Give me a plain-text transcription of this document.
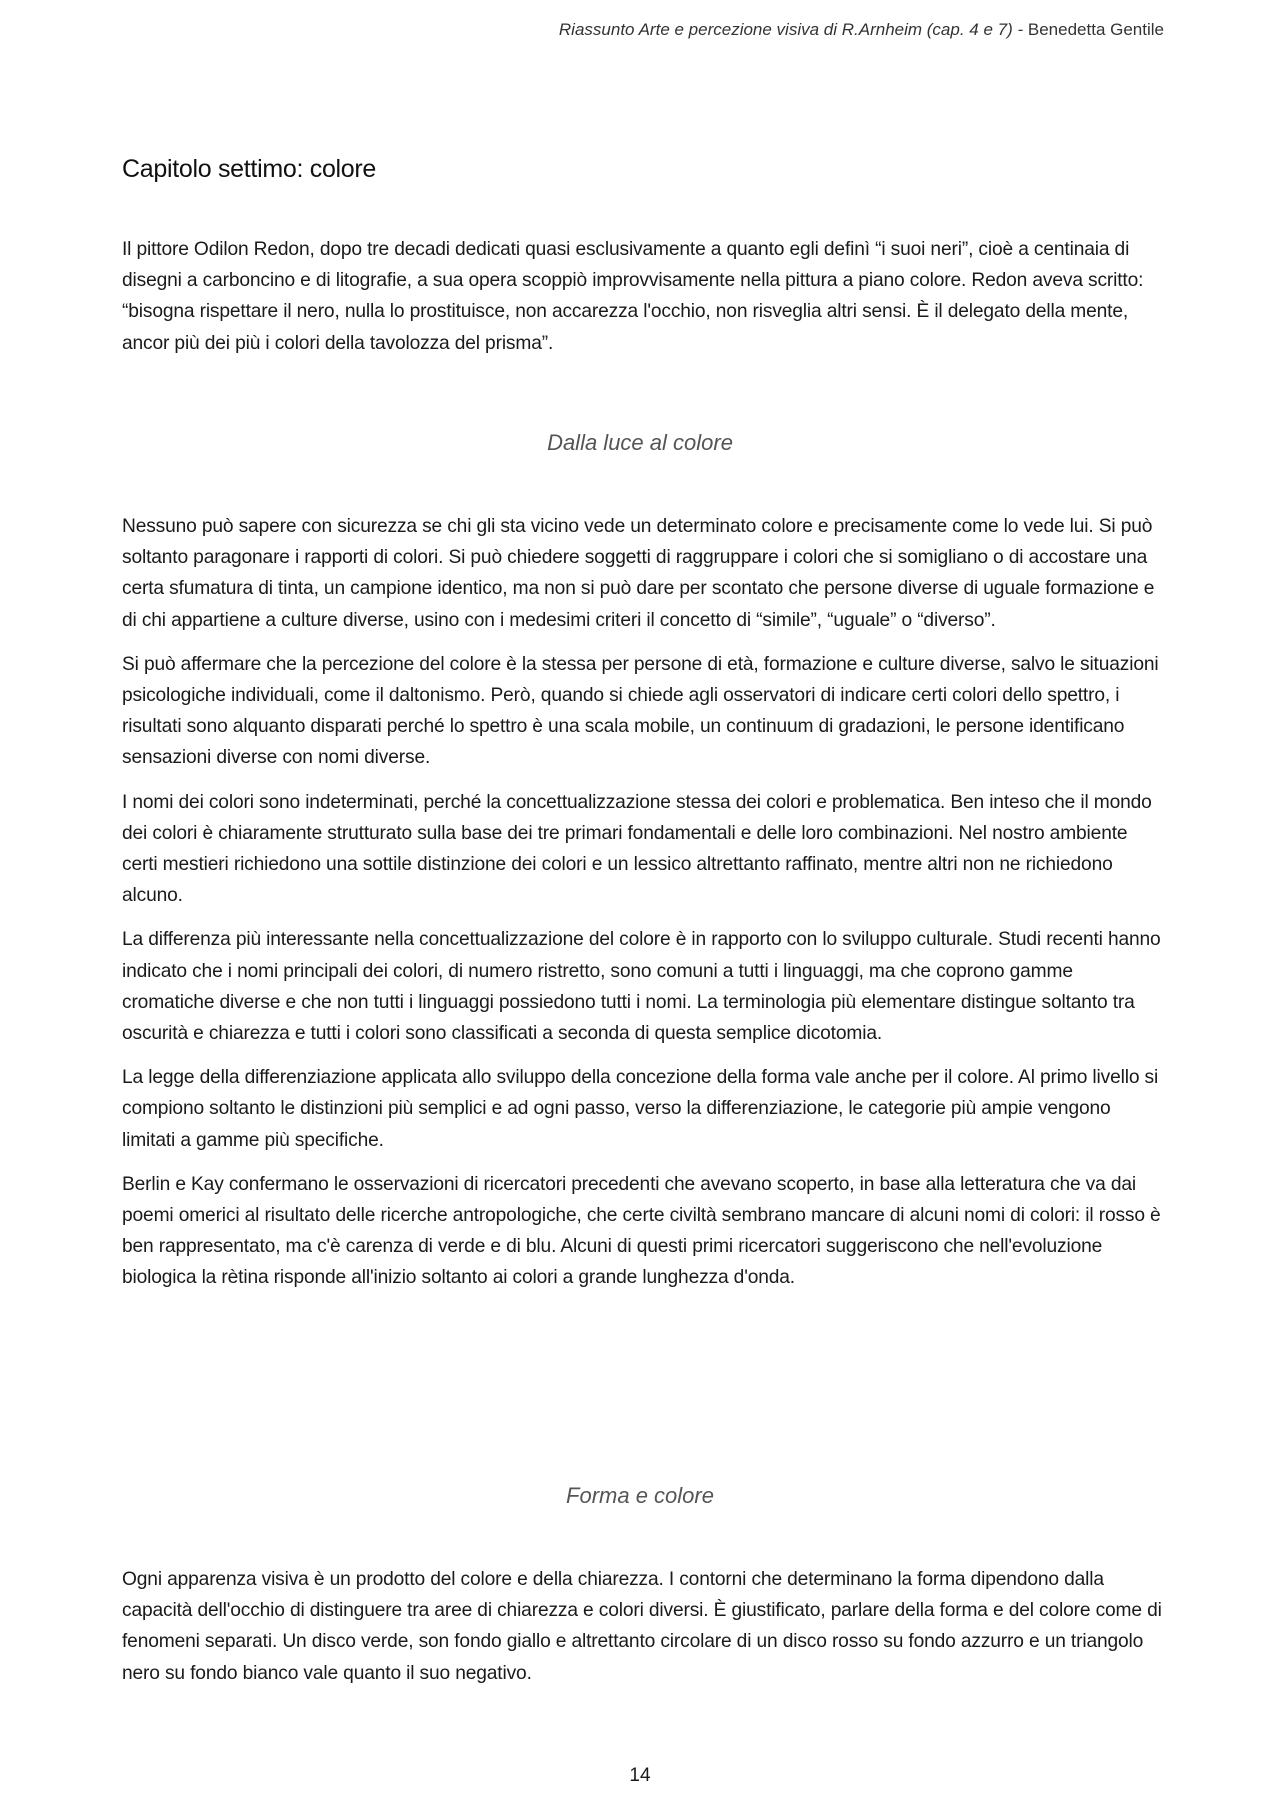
Riassunto Arte e percezione visiva di R.Arnheim (cap. 4 e 7) - Benedetta Gentile
Capitolo settimo: colore

Il pittore Odilon Redon, dopo tre decadi dedicati quasi esclusivamente a quanto egli definì “i suoi neri”, cioè a centinaia di disegni a carboncino e di litografie, a sua opera scoppiò improvvisamente nella pittura a piano colore. Redon aveva scritto: “bisogna rispettare il nero, nulla lo prostituisce, non accarezza l'occhio, non risveglia altri sensi. È il delegato della mente, ancor più dei più i colori della tavolozza del prisma”.

Dalla luce al colore

Nessuno può sapere con sicurezza se chi gli sta vicino vede un determinato colore e precisamente come lo vede lui. Si può soltanto paragonare i rapporti di colori. Si può chiedere soggetti di raggruppare i colori che si somigliano o di accostare una certa sfumatura di tinta, un campione identico, ma non si può dare per scontato che persone diverse di uguale formazione e di chi appartiene a culture diverse, usino con i medesimi criteri il concetto di “simile”, “uguale” o “diverso”.

Si può affermare che la percezione del colore è la stessa per persone di età, formazione e culture diverse, salvo le situazioni psicologiche individuali, come il daltonismo. Però, quando si chiede agli osservatori di indicare certi colori dello spettro, i risultati sono alquanto disparati perché lo spettro è una scala mobile, un continuum di gradazioni, le persone identificano sensazioni diverse con nomi diverse.

I nomi dei colori sono indeterminati, perché la concettualizzazione stessa dei colori e problematica. Ben inteso che il mondo dei colori è chiaramente strutturato sulla base dei tre primari fondamentali e delle loro combinazioni. Nel nostro ambiente certi mestieri richiedono una sottile distinzione dei colori e un lessico altrettanto raffinato, mentre altri non ne richiedono alcuno.

La differenza più interessante nella concettualizzazione del colore è in rapporto con lo sviluppo culturale. Studi recenti hanno indicato che i nomi principali dei colori, di numero ristretto, sono comuni a tutti i linguaggi, ma che coprono gamme cromatiche diverse e che non tutti i linguaggi possiedono tutti i nomi. La terminologia più elementare distingue soltanto tra oscurità e chiarezza e tutti i colori sono classificati a seconda di questa semplice dicotomia.

La legge della differenziazione applicata allo sviluppo della concezione della forma vale anche per il colore. Al primo livello si compiono soltanto le distinzioni più semplici e ad ogni passo, verso la differenziazione, le categorie più ampie vengono limitati a gamme più specifiche.

Berlin e Kay confermano le osservazioni di ricercatori precedenti che avevano scoperto, in base alla letteratura che va dai poemi omerici al risultato delle ricerche antropologiche, che certe civiltà sembrano mancare di alcuni nomi di colori: il rosso è ben rappresentato, ma c'è carenza di verde e di blu. Alcuni di questi primi ricercatori suggeriscono che nell'evoluzione biologica la rètina risponde all'inizio soltanto ai colori a grande lunghezza d'onda.

Forma e colore

Ogni apparenza visiva è un prodotto del colore e della chiarezza. I contorni che determinano la forma dipendono dalla capacità dell'occhio di distinguere tra aree di chiarezza e colori diversi. È giustificato, parlare della forma e del colore come di fenomeni separati. Un disco verde, son fondo giallo e altrettanto circolare di un disco rosso su fondo azzurro e un triangolo nero su fondo bianco vale quanto il suo negativo.

14
